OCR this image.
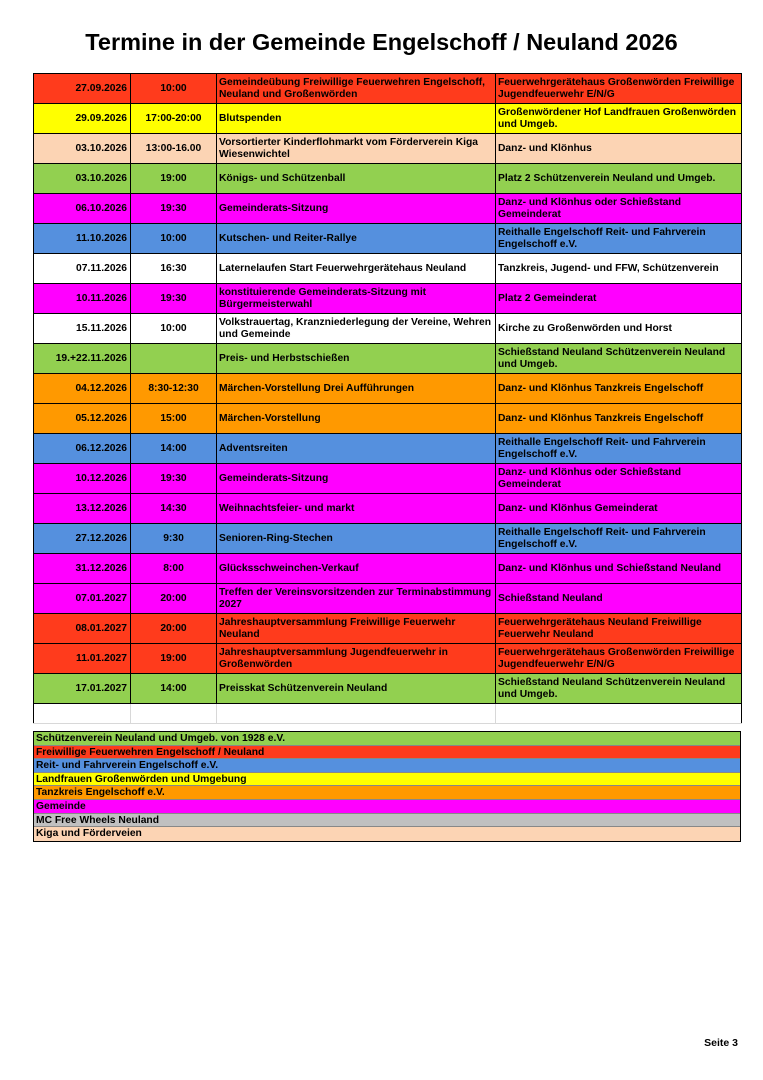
Termine in der Gemeinde Engelschoff / Neuland 2026
27.09.2026	10:00	Gemeindeübung Freiwillige Feuerwehren Engelschoff, Neuland und Großenwörden	Feuerwehrgerätehaus Großenwörden Freiwillige Jugendfeuerwehr E/N/G
29.09.2026	17:00-20:00	Blutspenden	Großenwördener Hof Landfrauen Großenwörden und Umgeb.
03.10.2026	13:00-16.00	Vorsortierter Kinderflohmarkt vom Förderverein Kiga Wiesenwichtel	Danz- und Klönhus
03.10.2026	19:00	Königs- und Schützenball	Platz 2 Schützenverein Neuland und Umgeb.
06.10.2026	19:30	Gemeinderats-Sitzung	Danz- und Klönhus oder Schießstand Gemeinderat
11.10.2026	10:00	Kutschen- und Reiter-Rallye	Reithalle Engelschoff Reit- und Fahrverein Engelschoff e.V.
07.11.2026	16:30	Laternelaufen Start Feuerwehrgerätehaus Neuland	Tanzkreis, Jugend- und FFW, Schützenverein
10.11.2026	19:30	konstituierende Gemeinderats-Sitzung mit Bürgermeisterwahl	Platz 2 Gemeinderat
15.11.2026	10:00	Volkstrauertag, Kranzniederlegung der Vereine, Wehren und Gemeinde	Kirche zu Großenwörden und Horst
19.+22.11.2026		Preis- und Herbstschießen	Schießstand Neuland Schützenverein Neuland und Umgeb.
04.12.2026	8:30-12:30	Märchen-Vorstellung Drei Aufführungen	Danz- und Klönhus Tanzkreis Engelschoff
05.12.2026	15:00	Märchen-Vorstellung	Danz- und Klönhus Tanzkreis Engelschoff
06.12.2026	14:00	Adventsreiten	Reithalle Engelschoff Reit- und Fahrverein Engelschoff e.V.
10.12.2026	19:30	Gemeinderats-Sitzung	Danz- und Klönhus oder Schießstand Gemeinderat
13.12.2026	14:30	Weihnachtsfeier- und markt	Danz- und Klönhus Gemeinderat
27.12.2026	9:30	Senioren-Ring-Stechen	Reithalle Engelschoff Reit- und Fahrverein Engelschoff e.V.
31.12.2026	8:00	Glücksschweinchen-Verkauf	Danz- und Klönhus und Schießstand Neuland
07.01.2027	20:00	Treffen der Vereinsvorsitzenden zur Terminabstimmung 2027	Schießstand Neuland
08.01.2027	20:00	Jahreshauptversammlung Freiwillige Feuerwehr Neuland	Feuerwehrgerätehaus Neuland Freiwillige Feuerwehr Neuland
11.01.2027	19:00	Jahreshauptversammlung Jugendfeuerwehr in Großenwörden	Feuerwehrgerätehaus Großenwörden Freiwillige Jugendfeuerwehr E/N/G
17.01.2027	14:00	Preisskat Schützenverein Neuland	Schießstand Neuland Schützenverein Neuland und Umgeb.

Schützenverein Neuland und Umgeb. von 1928 e.V.
Freiwillige Feuerwehren Engelschoff / Neuland
Reit- und Fahrverein Engelschoff e.V.
Landfrauen Großenwörden und Umgebung
Tanzkreis Engelschoff e.V.
Gemeinde
MC Free Wheels Neuland
Kiga und Förderveien
Seite 3
